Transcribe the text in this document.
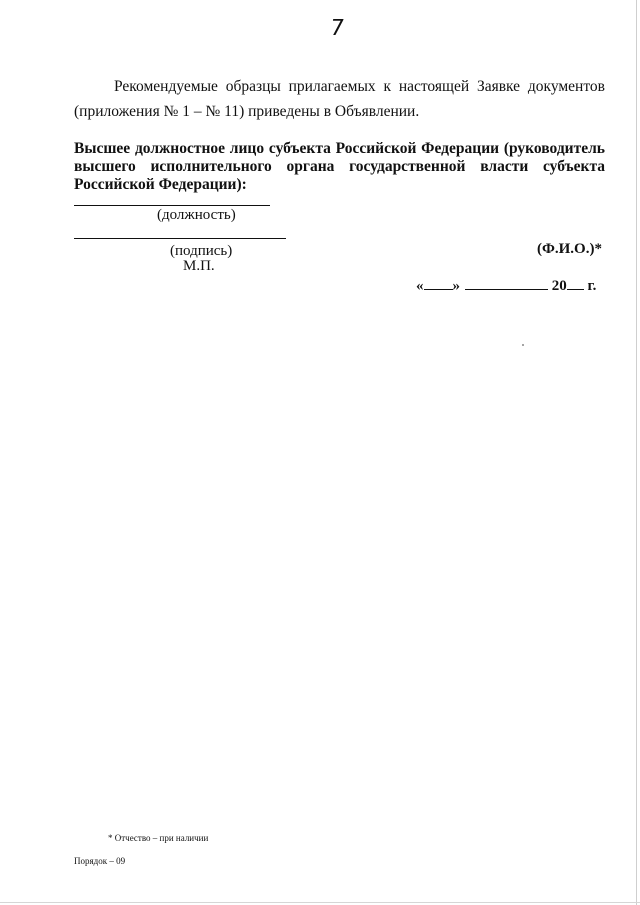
7
Рекомендуемые образцы прилагаемых к настоящей Заявке документов
(приложения № 1 – № 11) приведены в Объявлении.
Высшее должностное лицо субъекта Российской Федерации (руководитель
высшего исполнительного органа государственной власти субъекта
Российской Федерации):
(должность)
(подпись)
М.П.
(Ф.И.О.)*
« »	20 г.
* Отчество – при наличии
Порядок – 09
